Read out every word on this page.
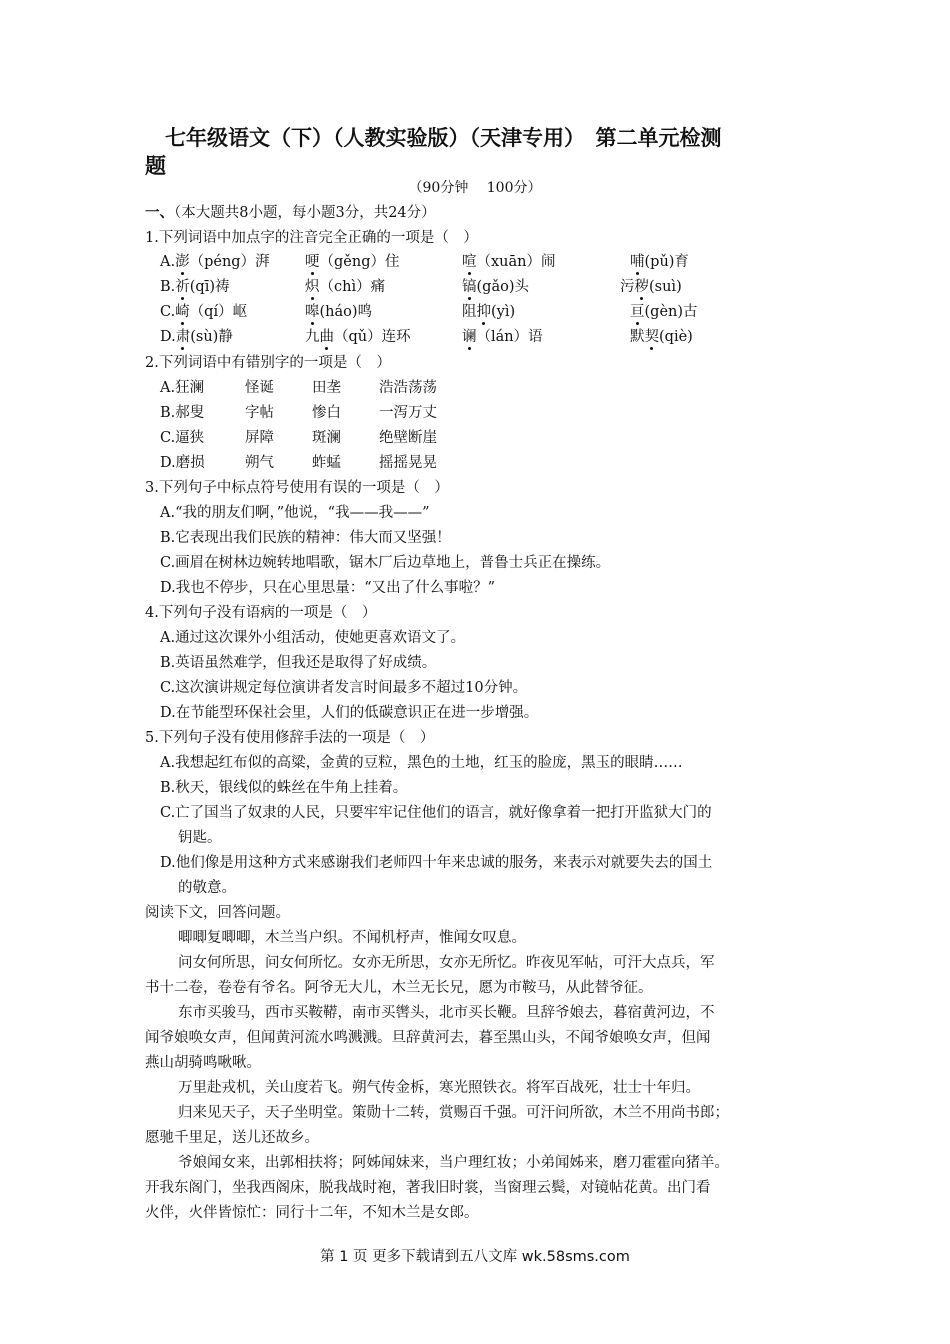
七年级语文（下）（人教实验版）（天津专用）　第二单元检测
题
（90分钟　 100分）
一、（本大题共8小题，每小题3分，共24分）
1.下列词语中加点字的注音完全正确的一项是（　）
A.澎（péng）湃 哽（gěng）住	喧（xuān）闹	哺(pǔ)育
B.祈(qī)祷	炽（chì）痛	镐(gǎo)头	污秽(suì)
C.崎（qí）岖	嗥(háo)鸣	阻抑(yì)	亘(gèn)古
D.肃(sù)静	九曲（qǔ）连环	谰（lán）语	默契(qiè)
2.下列词语中有错别字的一项是（　）
A.狂澜	怪诞	田垄	浩浩荡荡
B.郝叟	字帖	惨白	一泻万丈
C.逼狭	屏障	斑澜	绝壁断崖
D.磨损	朔气	蚱蜢	摇摇晃晃
3.下列句子中标点符号使用有误的一项是（　）
A.“我的朋友们啊，”他说，“我——我——”
B.它表现出我们民族的精神：伟大而又坚强！
C.画眉在树林边婉转地唱歌，锯木厂后边草地上，普鲁士兵正在操练。
D.我也不停步，只在心里思量：“又出了什么事啦？”
4.下列句子没有语病的一项是（　）
A.通过这次课外小组活动，使她更喜欢语文了。
B.英语虽然难学，但我还是取得了好成绩。
C.这次演讲规定每位演讲者发言时间最多不超过10分钟。
D.在节能型环保社会里，人们的低碳意识正在进一步增强。
5.下列句子没有使用修辞手法的一项是（　）
A.我想起红布似的高粱，金黄的豆粒，黑色的土地，红玉的脸庞，黑玉的眼睛……
B.秋天，银线似的蛛丝在牛角上挂着。
C.亡了国当了奴隶的人民，只要牢牢记住他们的语言，就好像拿着一把打开监狱大门的
钥匙。
D.他们像是用这种方式来感谢我们老师四十年来忠诚的服务，来表示对就要失去的国土
的敬意。
阅读下文，回答问题。
唧唧复唧唧，木兰当户织。不闻机杼声，惟闻女叹息。
问女何所思，问女何所忆。女亦无所思，女亦无所忆。昨夜见军帖，可汗大点兵，军
书十二卷，卷卷有爷名。阿爷无大儿，木兰无长兄，愿为市鞍马，从此替爷征。
东市买骏马，西市买鞍鞯，南市买辔头，北市买长鞭。旦辞爷娘去，暮宿黄河边，不
闻爷娘唤女声，但闻黄河流水鸣溅溅。旦辞黄河去，暮至黑山头，不闻爷娘唤女声，但闻
燕山胡骑鸣啾啾。
万里赴戎机，关山度若飞。朔气传金柝，寒光照铁衣。将军百战死，壮士十年归。
归来见天子，天子坐明堂。策勋十二转，赏赐百千强。可汗问所欲，木兰不用尚书郎；
愿驰千里足，送儿还故乡。
爷娘闻女来，出郭相扶将；阿姊闻妹来，当户理红妆；小弟闻姊来，磨刀霍霍向猪羊。
开我东阁门，坐我西阁床，脱我战时袍，著我旧时裳，当窗理云鬓，对镜帖花黄。出门看
火伴，火伴皆惊忙：同行十二年，不知木兰是女郎。
第 1 页 更多下载请到五八文库 wk.58sms.com
